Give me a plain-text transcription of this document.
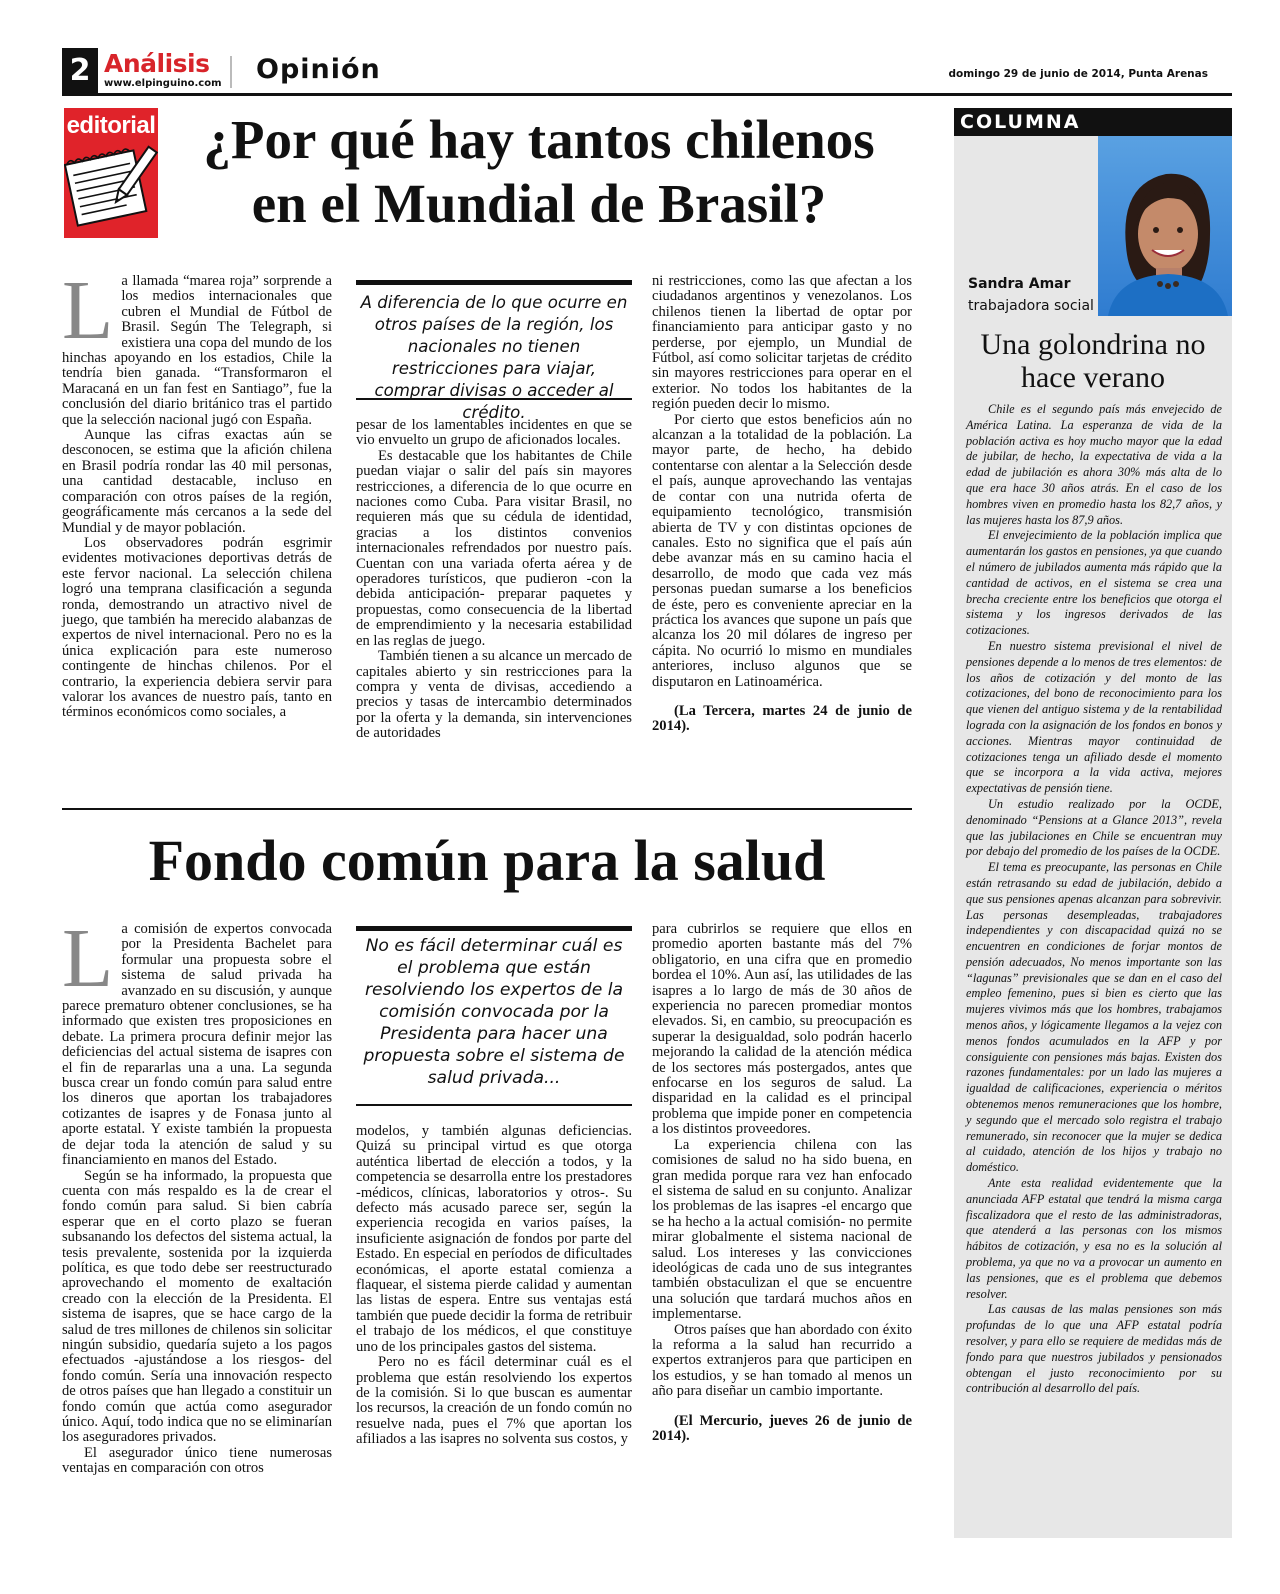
2 Análisis
www.elpinguino.com	Opinión	domingo 29 de junio de 2014, Punta Arenas
editorial ¿Por qué hay tantos chilenos
en el Mundial de Brasil?

La llamada “marea roja” sorprende a los medios internacionales que cubren el Mundial de Fútbol de Brasil. Según The Telegraph, si existiera una copa del mundo de los hinchas apoyando en los estadios, Chile la tendría bien ganada. “Transformaron el Maracaná en un fan fest en Santiago”, fue la conclusión del diario británico tras el partido que la selección nacional jugó con España.

Aunque las cifras exactas aún se desconocen, se estima que la afición chilena en Brasil podría rondar las 40 mil personas, una cantidad destacable, incluso en comparación con otros países de la región, geográficamente más cercanos a la sede del Mundial y de mayor población.

Los observadores podrán esgrimir evidentes motivaciones deportivas detrás de este fervor nacional. La selección chilena logró una temprana clasificación a segunda ronda, demostrando un atractivo nivel de juego, que también ha merecido alabanzas de expertos de nivel internacional. Pero no es la única explicación para este numeroso contingente de hinchas chilenos. Por el contrario, la experiencia debiera servir para valorar los avances de nuestro país, tanto en términos económicos como sociales, a

A diferencia de lo que ocurre en otros países de la región, los nacionales no tienen restricciones para viajar, comprar divisas o acceder al crédito.

pesar de los lamentables incidentes en que se vio envuelto un grupo de aficionados locales.

Es destacable que los habitantes de Chile puedan viajar o salir del país sin mayores restricciones, a diferencia de lo que ocurre en naciones como Cuba. Para visitar Brasil, no requieren más que su cédula de identidad, gracias a los distintos convenios internacionales refrendados por nuestro país. Cuentan con una variada oferta aérea y de operadores turísticos, que pudieron -con la debida anticipación- preparar paquetes y propuestas, como consecuencia de la libertad de emprendimiento y la necesaria estabilidad en las reglas de juego.

También tienen a su alcance un mercado de capitales abierto y sin restricciones para la compra y venta de divisas, accediendo a precios y tasas de intercambio determinados por la oferta y la demanda, sin intervenciones de autoridades

ni restricciones, como las que afectan a los ciudadanos argentinos y venezolanos. Los chilenos tienen la libertad de optar por financiamiento para anticipar gasto y no perderse, por ejemplo, un Mundial de Fútbol, así como solicitar tarjetas de crédito sin mayores restricciones para operar en el exterior. No todos los habitantes de la región pueden decir lo mismo.

Por cierto que estos beneficios aún no alcanzan a la totalidad de la población. La mayor parte, de hecho, ha debido contentarse con alentar a la Selección desde el país, aunque aprovechando las ventajas de contar con una nutrida oferta de equipamiento tecnológico, transmisión abierta de TV y con distintas opciones de canales. Esto no significa que el país aún debe avanzar más en su camino hacia el desarrollo, de modo que cada vez más personas puedan sumarse a los beneficios de éste, pero es conveniente apreciar en la práctica los avances que supone un país que alcanza los 20 mil dólares de ingreso per cápita. No ocurrió lo mismo en mundiales anteriores, incluso algunos que se disputaron en Latinoamérica.

(La Tercera, martes 24 de junio de 2014).

Fondo común para la salud

La comisión de expertos convocada por la Presidenta Bachelet para formular una propuesta sobre el sistema de salud privada ha avanzado en su discusión, y aunque parece prematuro obtener conclusiones, se ha informado que existen tres proposiciones en debate. La primera procura definir mejor las deficiencias del actual sistema de isapres con el fin de repararlas una a una. La segunda busca crear un fondo común para salud entre los dineros que aportan los trabajadores cotizantes de isapres y de Fonasa junto al aporte estatal. Y existe también la propuesta de dejar toda la atención de salud y su financiamiento en manos del Estado.

Según se ha informado, la propuesta que cuenta con más respaldo es la de crear el fondo común para salud. Si bien cabría esperar que en el corto plazo se fueran subsanando los defectos del sistema actual, la tesis prevalente, sostenida por la izquierda política, es que todo debe ser reestructurado aprovechando el momento de exaltación creado con la elección de la Presidenta. El sistema de isapres, que se hace cargo de la salud de tres millones de chilenos sin solicitar ningún subsidio, quedaría sujeto a los pagos efectuados -ajustándose a los riesgos- del fondo común. Sería una innovación respecto de otros países que han llegado a constituir un fondo común que actúa como asegurador único. Aquí, todo indica que no se eliminarían los aseguradores privados.

El asegurador único tiene numerosas ventajas en comparación con otros

No es fácil determinar cuál es el problema que están resolviendo los expertos de la comisión convocada por la Presidenta para hacer una propuesta sobre el sistema de salud privada...

modelos, y también algunas deficiencias. Quizá su principal virtud es que otorga auténtica libertad de elección a todos, y la competencia se desarrolla entre los prestadores -médicos, clínicas, laboratorios y otros-. Su defecto más acusado parece ser, según la experiencia recogida en varios países, la insuficiente asignación de fondos por parte del Estado. En especial en períodos de dificultades económicas, el aporte estatal comienza a flaquear, el sistema pierde calidad y aumentan las listas de espera. Entre sus ventajas está también que puede decidir la forma de retribuir el trabajo de los médicos, el que constituye uno de los principales gastos del sistema.

Pero no es fácil determinar cuál es el problema que están resolviendo los expertos de la comisión. Si lo que buscan es aumentar los recursos, la creación de un fondo común no resuelve nada, pues el 7% que aportan los afiliados a las isapres no solventa sus costos, y

para cubrirlos se requiere que ellos en promedio aporten bastante más del 7% obligatorio, en una cifra que en promedio bordea el 10%. Aun así, las utilidades de las isapres a lo largo de más de 30 años de experiencia no parecen promediar montos elevados. Si, en cambio, su preocupación es superar la desigualdad, solo podrán hacerlo mejorando la calidad de la atención médica de los sectores más postergados, antes que enfocarse en los seguros de salud. La disparidad en la calidad es el principal problema que impide poner en competencia a los distintos proveedores.

La experiencia chilena con las comisiones de salud no ha sido buena, en gran medida porque rara vez han enfocado el sistema de salud en su conjunto. Analizar los problemas de las isapres -el encargo que se ha hecho a la actual comisión- no permite mirar globalmente el sistema nacional de salud. Los intereses y las convicciones ideológicas de cada uno de sus integrantes también obstaculizan el que se encuentre una solución que tardará muchos años en implementarse.

Otros países que han abordado con éxito la reforma a la salud han recurrido a expertos extranjeros para que participen en los estudios, y se han tomado al menos un año para diseñar un cambio importante.

(El Mercurio, jueves 26 de junio de 2014).

COLUMNA
Sandra Amar
trabajadora social
Una golondrina no
hace verano

Chile es el segundo país más envejecido de América Latina. La esperanza de vida de la población activa es hoy mucho mayor que la edad de jubilar, de hecho, la expectativa de vida a la edad de jubilación es ahora 30% más alta de lo que era hace 30 años atrás. En el caso de los hombres viven en promedio hasta los 82,7 años, y las mujeres hasta los 87,9 años.

El envejecimiento de la población implica que aumentarán los gastos en pensiones, ya que cuando el número de jubilados aumenta más rápido que la cantidad de activos, en el sistema se crea una brecha creciente entre los beneficios que otorga el sistema y los ingresos derivados de las cotizaciones.

En nuestro sistema previsional el nivel de pensiones depende a lo menos de tres elementos: de los años de cotización y del monto de las cotizaciones, del bono de reconocimiento para los que vienen del antiguo sistema y de la rentabilidad lograda con la asignación de los fondos en bonos y acciones. Mientras mayor continuidad de cotizaciones tenga un afiliado desde el momento que se incorpora a la vida activa, mejores expectativas de pensión tiene.

Un estudio realizado por la OCDE, denominado “Pensions at a Glance 2013”, revela que las jubilaciones en Chile se encuentran muy por debajo del promedio de los países de la OCDE.

El tema es preocupante, las personas en Chile están retrasando su edad de jubilación, debido a que sus pensiones apenas alcanzan para sobrevivir. Las personas desempleadas, trabajadores independientes y con discapacidad quizá no se encuentren en condiciones de forjar montos de pensión adecuados, No menos importante son las “lagunas” previsionales que se dan en el caso del empleo femenino, pues si bien es cierto que las mujeres vivimos más que los hombres, trabajamos menos años, y lógicamente llegamos a la vejez con menos fondos acumulados en la AFP y por consiguiente con pensiones más bajas. Existen dos razones fundamentales: por un lado las mujeres a igualdad de calificaciones, experiencia o méritos obtenemos menos remuneraciones que los hombre, y segundo que el mercado solo registra el trabajo remunerado, sin reconocer que la mujer se dedica al cuidado, atención de los hijos y trabajo no doméstico.

Ante esta realidad evidentemente que la anunciada AFP estatal que tendrá la misma carga fiscalizadora que el resto de las administradoras, que atenderá a las personas con los mismos hábitos de cotización, y esa no es la solución al problema, ya que no va a provocar un aumento en las pensiones, que es el problema que debemos resolver.

Las causas de las malas pensiones son más profundas de lo que una AFP estatal podría resolver, y para ello se requiere de medidas más de fondo para que nuestros jubilados y pensionados obtengan el justo reconocimiento por su contribución al desarrollo del país.
